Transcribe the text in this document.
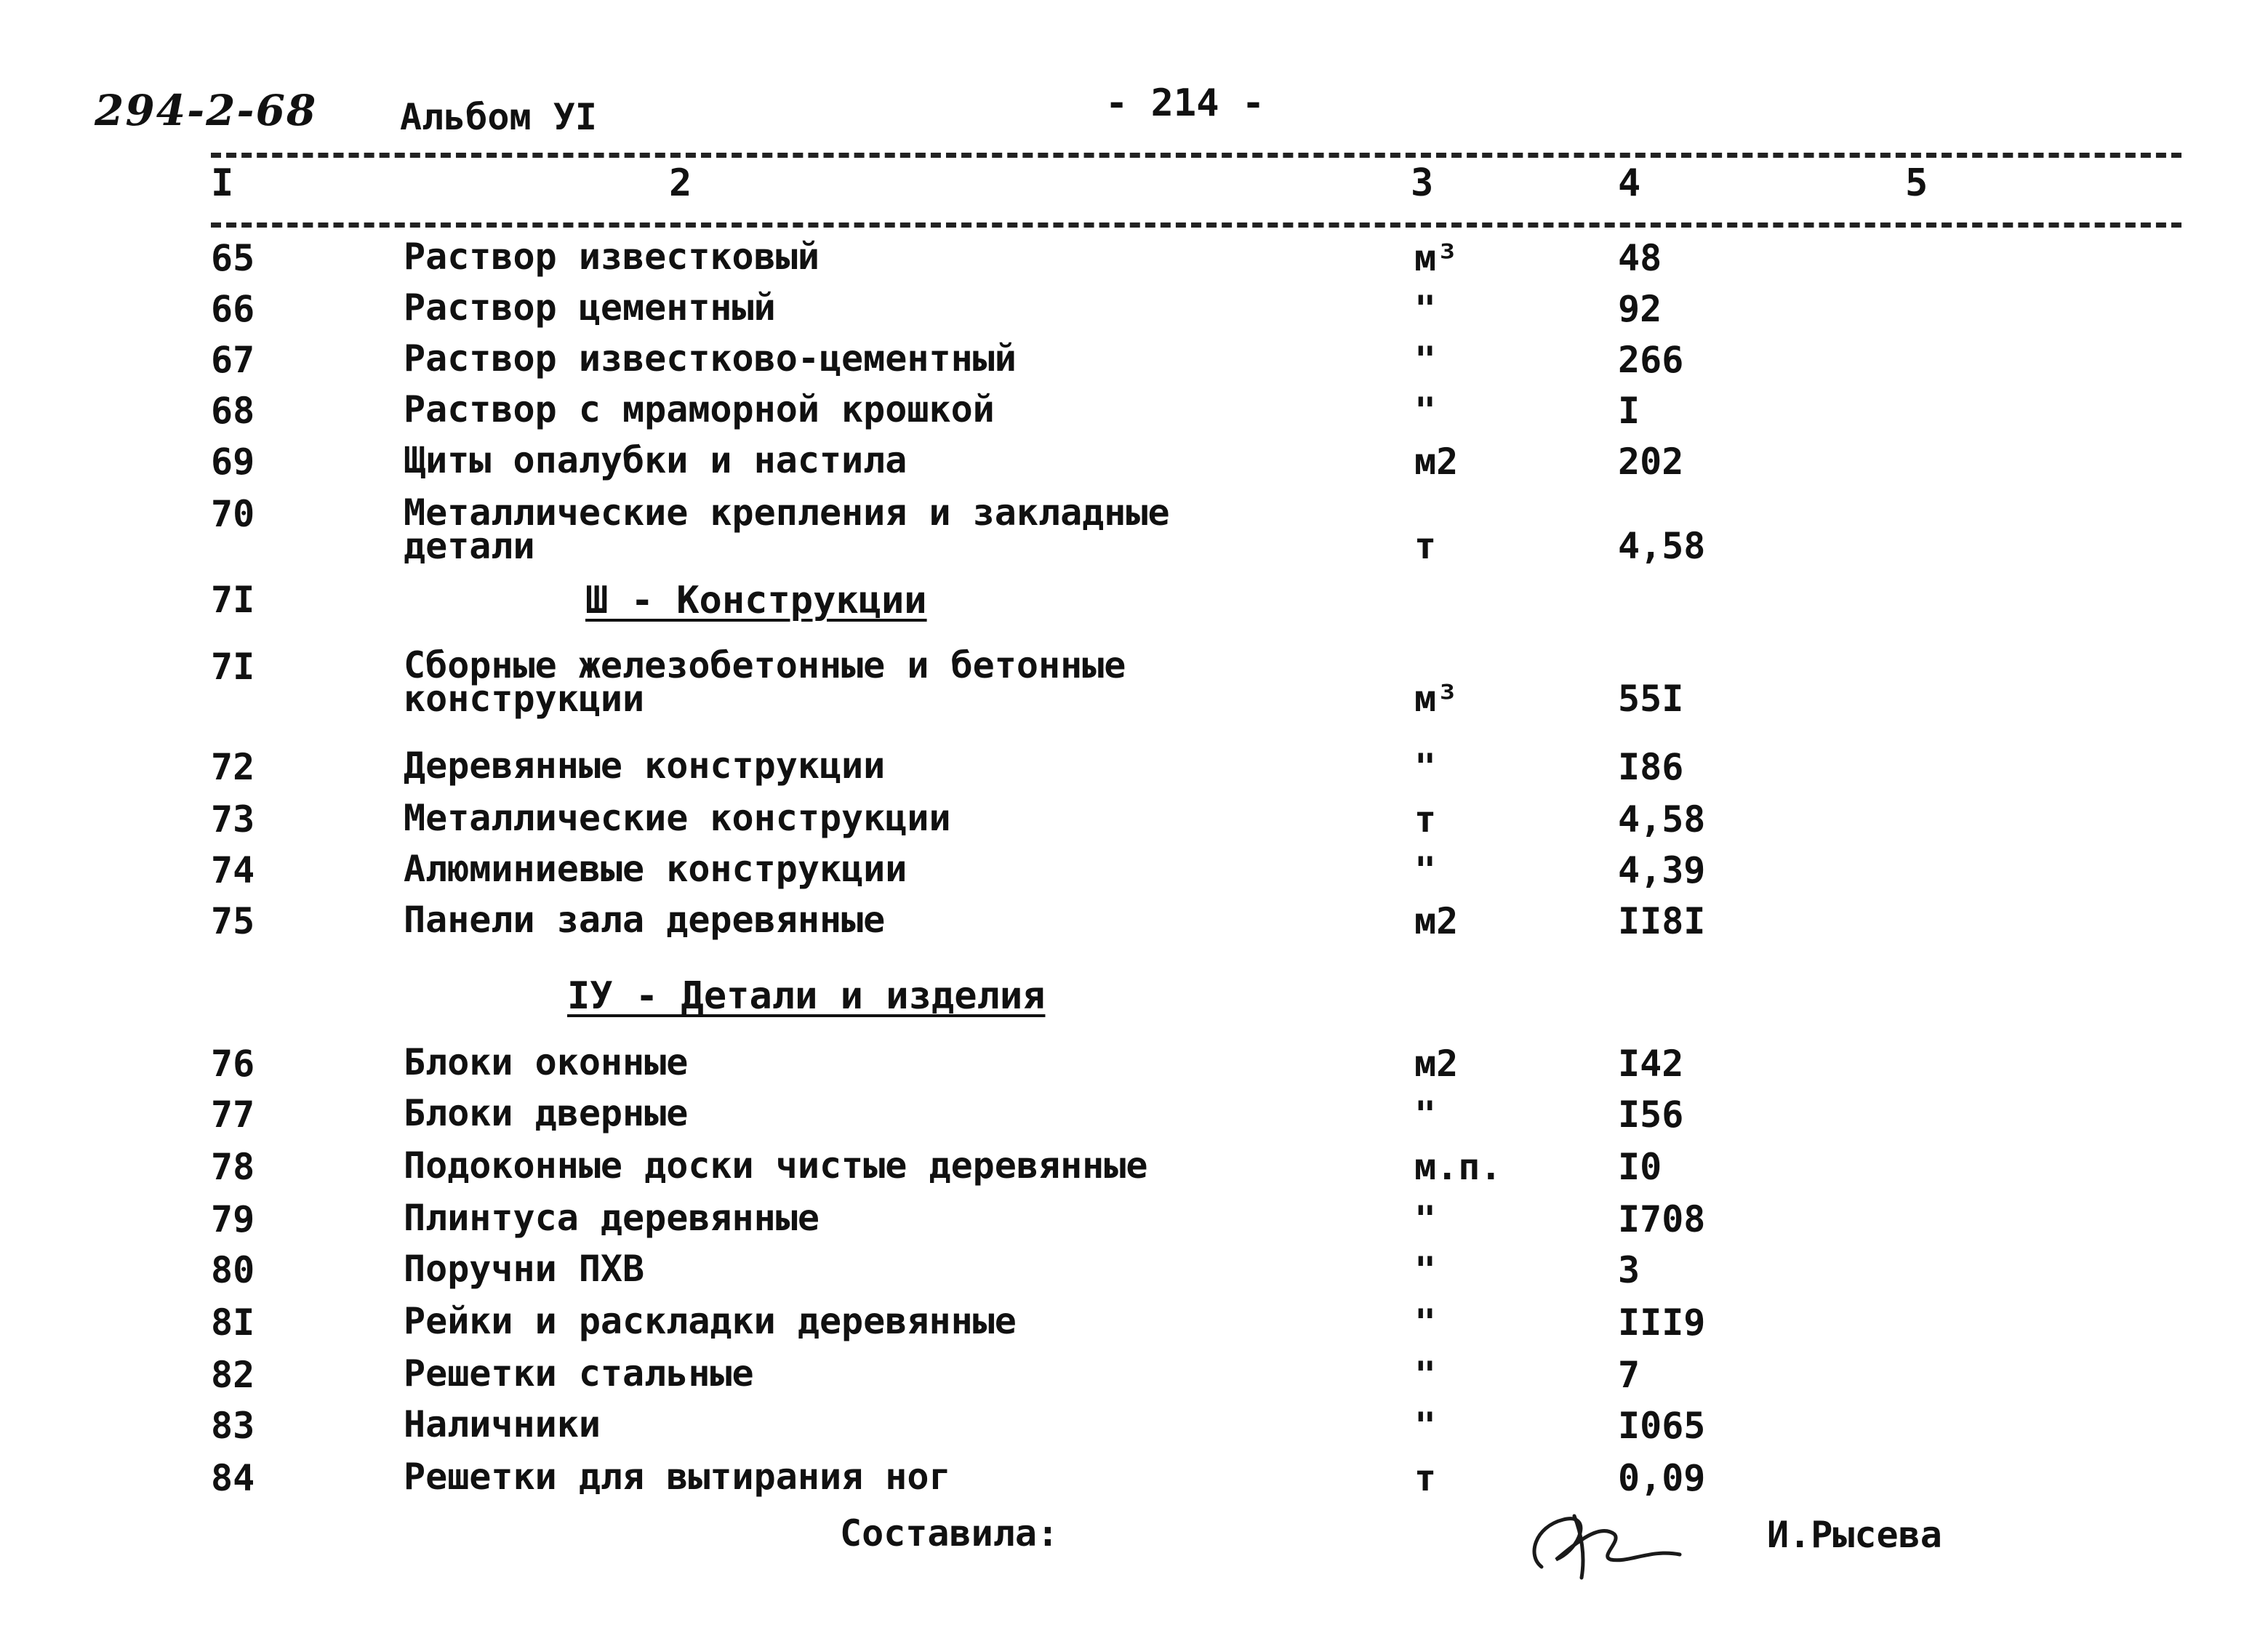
294-2-68 Альбом УI	- 214 -
I	2	3	4	5
65	Раствор известковый	м³	48
66	Раствор цементный	"	92
67	Раствор известково-цементный	"	266
68	Раствор с мраморной крошкой	"	I
69	Щиты опалубки и настила	м2	202
70	Металлические крепления и закладные
детали	т	4,58
7I	Ш - Конструкции
7I	Сборные железобетонные и бетонные
конструкции	м³	55I
72	Деревянные конструкции	"	I86
73	Металлические конструкции	т	4,58
74	Алюминиевые конструкции	"	4,39
75	Панели зала деревянные	м2	II8I
IУ - Детали и изделия
76	Блоки оконные	м2	I42
77	Блоки дверные	"	I56
78	Подоконные доски чистые деревянные	м.п.	I0
79	Плинтуса деревянные	"	I708
80	Поручни ПХВ	"	3
8I	Рейки и раскладки деревянные	"	III9
82	Решетки стальные	"	7
83	Наличники	"	I065
84	Решетки для вытирания ног	т	0,09
Составила:	И.Рысева
